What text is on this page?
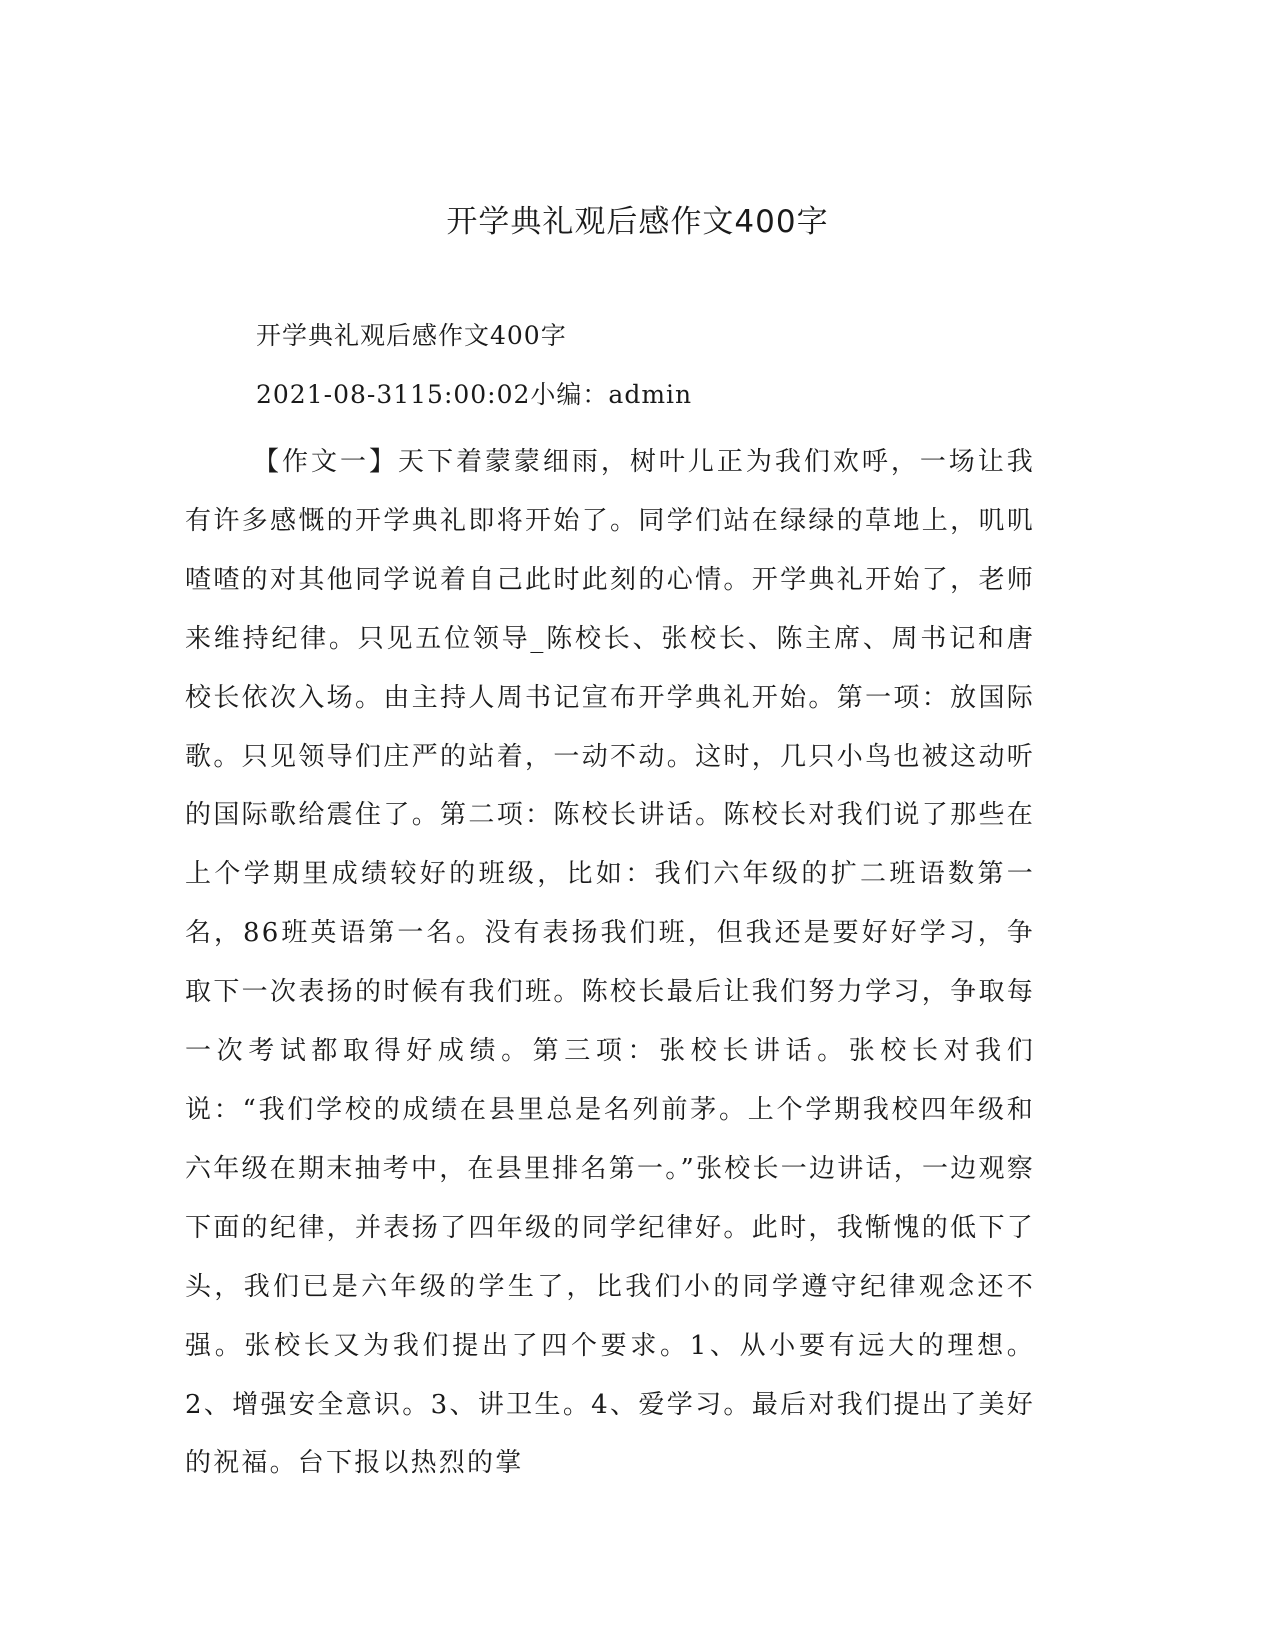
开学典礼观后感作文400字

开学典礼观后感作文400字

2021-08-3115:00:02小编：admin

【作文一】天下着蒙蒙细雨，树叶儿正为我们欢呼，一场让我有许多感慨的开学典礼即将开始了。同学们站在绿绿的草地上，叽叽喳喳的对其他同学说着自己此时此刻的心情。开学典礼开始了，老师来维持纪律。只见五位领导_陈校长、张校长、陈主席、周书记和唐校长依次入场。由主持人周书记宣布开学典礼开始。第一项：放国际歌。只见领导们庄严的站着，一动不动。这时，几只小鸟也被这动听的国际歌给震住了。第二项：陈校长讲话。陈校长对我们说了那些在上个学期里成绩较好的班级，比如：我们六年级的扩二班语数第一名，86班英语第一名。没有表扬我们班，但我还是要好好学习，争取下一次表扬的时候有我们班。陈校长最后让我们努力学习，争取每一次考试都取得好成绩。第三项：张校长讲话。张校长对我们说：“我们学校的成绩在县里总是名列前茅。上个学期我校四年级和六年级在期末抽考中，在县里排名第一。”张校长一边讲话，一边观察下面的纪律，并表扬了四年级的同学纪律好。此时，我惭愧的低下了头，我们已是六年级的学生了，比我们小的同学遵守纪律观念还不强。张校长又为我们提出了四个要求。1、从小要有远大的理想。2、增强安全意识。3、讲卫生。4、爱学习。最后对我们提出了美好的祝福。台下报以热烈的掌
